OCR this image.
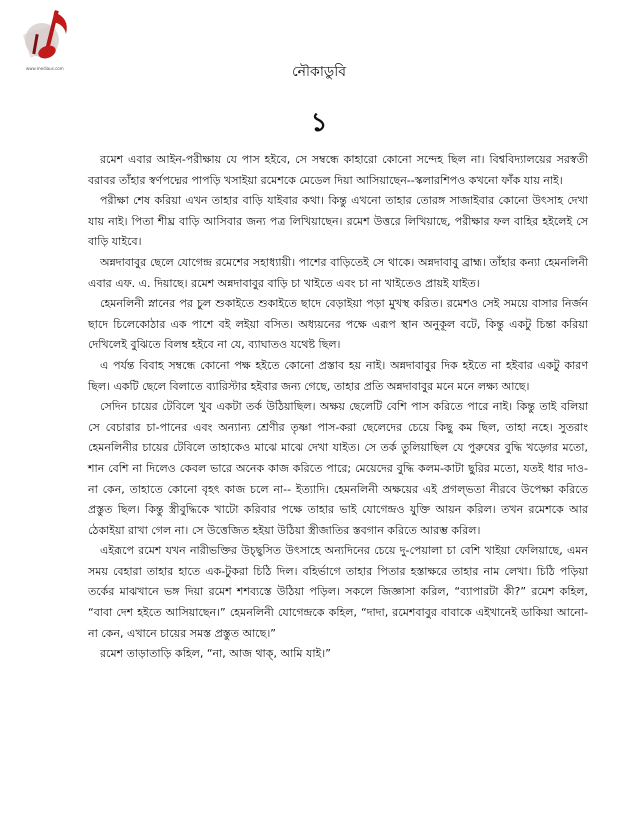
www.mediaus.com	নৌকাডুবি
১

রমেশ এবার আইন-পরীক্ষায় যে পাস হইবে, সে সম্বন্ধে কাহারো কোনো সন্দেহ ছিল না। বিশ্ববিদ্যালয়ের সরস্বতী বরাবর তাঁহার স্বর্ণপদ্মের পাপড়ি খসাইয়া রমেশকে মেডেল দিয়া আসিয়াছেন--স্কলারশিপও কখনো ফাঁক যায় নাই।

পরীক্ষা শেষ করিয়া এখন তাহার বাড়ি যাইবার কথা। কিন্তু এখনো তাহার তোরঙ্গ সাজাইবার কোনো উৎসাহ দেখা যায় নাই। পিতা শীঘ্র বাড়ি আসিবার জন্য পত্র লিখিয়াছেন। রমেশ উত্তরে লিখিয়াছে, পরীক্ষার ফল বাহির হইলেই সে বাড়ি যাইবে।

অন্নদাবাবুর ছেলে যোগেন্দ্র রমেশের সহাধ্যায়ী। পাশের বাড়িতেই সে থাকে। অন্নদাবাবু ব্রাহ্ম। তাঁহার কন্যা হেমনলিনী এবার এফ. এ. দিয়াছে। রমেশ অন্নদাবাবুর বাড়ি চা খাইতে এবং চা না খাইতেও প্রায়ই যাইত।

হেমনলিনী স্নানের পর চুল শুকাইতে শুকাইতে ছাদে বেড়াইয়া পড়া মুখস্থ করিত। রমেশও সেই সময়ে বাসার নির্জন ছাদে চিলেকোঠার এক পাশে বই লইয়া বসিত। অধ্যয়নের পক্ষে এরূপ স্থান অনুকূল বটে, কিন্তু একটু চিন্তা করিয়া দেখিলেই বুঝিতে বিলম্ব হইবে না যে, ব্যাঘাতও যথেষ্ট ছিল।

এ পর্যন্ত বিবাহ সম্বন্ধে কোনো পক্ষ হইতে কোনো প্রস্তাব হয় নাই। অন্নদাবাবুর দিক হইতে না হইবার একটু কারণ ছিল। একটি ছেলে বিলাতে ব্যারিস্টার হইবার জন্য গেছে, তাহার প্রতি অন্নদাবাবুর মনে মনে লক্ষ্য আছে।

সেদিন চায়ের টেবিলে খুব একটা তর্ক উঠিয়াছিল। অক্ষয় ছেলেটি বেশি পাস করিতে পারে নাই। কিন্তু তাই বলিয়া সে বেচারার চা-পানের এবং অন্যান্য শ্রেণীর তৃষ্ণা পাস-করা ছেলেদের চেয়ে কিছু কম ছিল, তাহা নহে। সুতরাং হেমনলিনীর চায়ের টেবিলে তাহাকেও মাঝে মাঝে দেখা যাইত। সে তর্ক তুলিয়াছিল যে পুরুষের বুদ্ধি খড়্গের মতো, শান বেশি না দিলেও কেবল ভারে অনেক কাজ করিতে পারে; মেয়েদের বুদ্ধি কলম-কাটা ছুরির মতো, যতই ধার দাও-না কেন, তাহাতে কোনো বৃহৎ কাজ চলে না-- ইত্যাদি। হেমনলিনী অক্ষয়ের এই প্রগল্ভতা নীরবে উপেক্ষা করিতে প্রস্তুত ছিল। কিন্তু স্ত্রীবুদ্ধিকে খাটো করিবার পক্ষে তাহার ভাই যোগেন্দ্রও যুক্তি আয়ন করিল। তখন রমেশকে আর ঠেকাইয়া রাখা গেল না। সে উত্তেজিত হইয়া উঠিয়া স্ত্রীজাতির স্তবগান করিতে আরম্ভ করিল।

এইরূপে রমেশ যখন নারীভক্তির উচ্ছ্বসিত উৎসাহে অন্যদিনের চেয়ে দু-পেয়ালা চা বেশি খাইয়া ফেলিয়াছে, এমন সময় বেহারা তাহার হাতে এক-টুকরা চিঠি দিল। বহির্ভাগে তাহার পিতার হস্তাক্ষরে তাহার নাম লেখা। চিঠি পড়িয়া তর্কের মাঝখানে ভঙ্গ দিয়া রমেশ শশব্যস্তে উঠিয়া পড়িল। সকলে জিজ্ঞাসা করিল, “ব্যাপারটা কী?” রমেশ কহিল, “বাবা দেশ হইতে আসিয়াছেন।” হেমনলিনী যোগেন্দ্রকে কহিল, “দাদা, রমেশবাবুর বাবাকে এইখানেই ডাকিয়া আনো-না কেন, এখানে চায়ের সমস্ত প্রস্তুত আছে।”

রমেশ তাড়াতাড়ি কহিল, “না, আজ থাক্, আমি যাই।”
